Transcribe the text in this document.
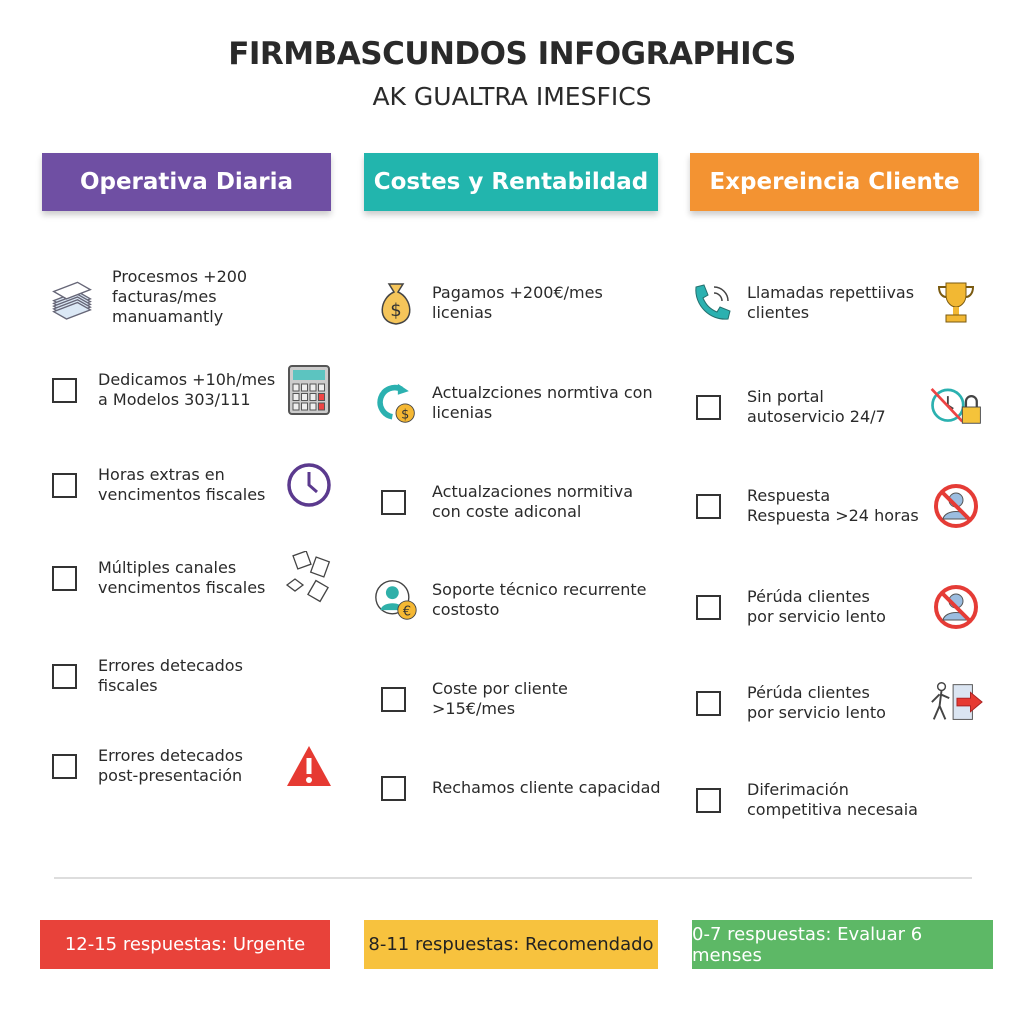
FIRMBASCUNDOS INFOGRAPHICS
AK GUALTRA IMESFICS
Operativa Diaria	Costes y Rentabildad	Expereincia Cliente
Procesmos +200
facturas/mes
manuamantly
Dedicamos +10h/mes
a Modelos 303/111
Horas extras en
vencimentos fiscales
Múltiples canales
vencimentos fiscales
Errores detecados
fiscales
Errores detecados
post-presentación
$
Pagamos +200€/mes
licenias
$
Actualzciones normtiva con
licenias
Actualzaciones normitiva
con coste adiconal
€
Soporte técnico recurrente
costosto
Coste por cliente
>15€/mes
Rechamos cliente capacidad
Llamadas repettiivas
clientes
Sin portal
autoservicio 24/7
Respuesta
Respuesta >24 horas
Pérúda clientes
por servicio lento
Pérúda clientes
por servicio lento
Diferimación
competitiva necesaia
12-15 respuestas: Urgente	8-11 respuestas: Recomendado 0-7 respuestas: Evaluar 6 menses
